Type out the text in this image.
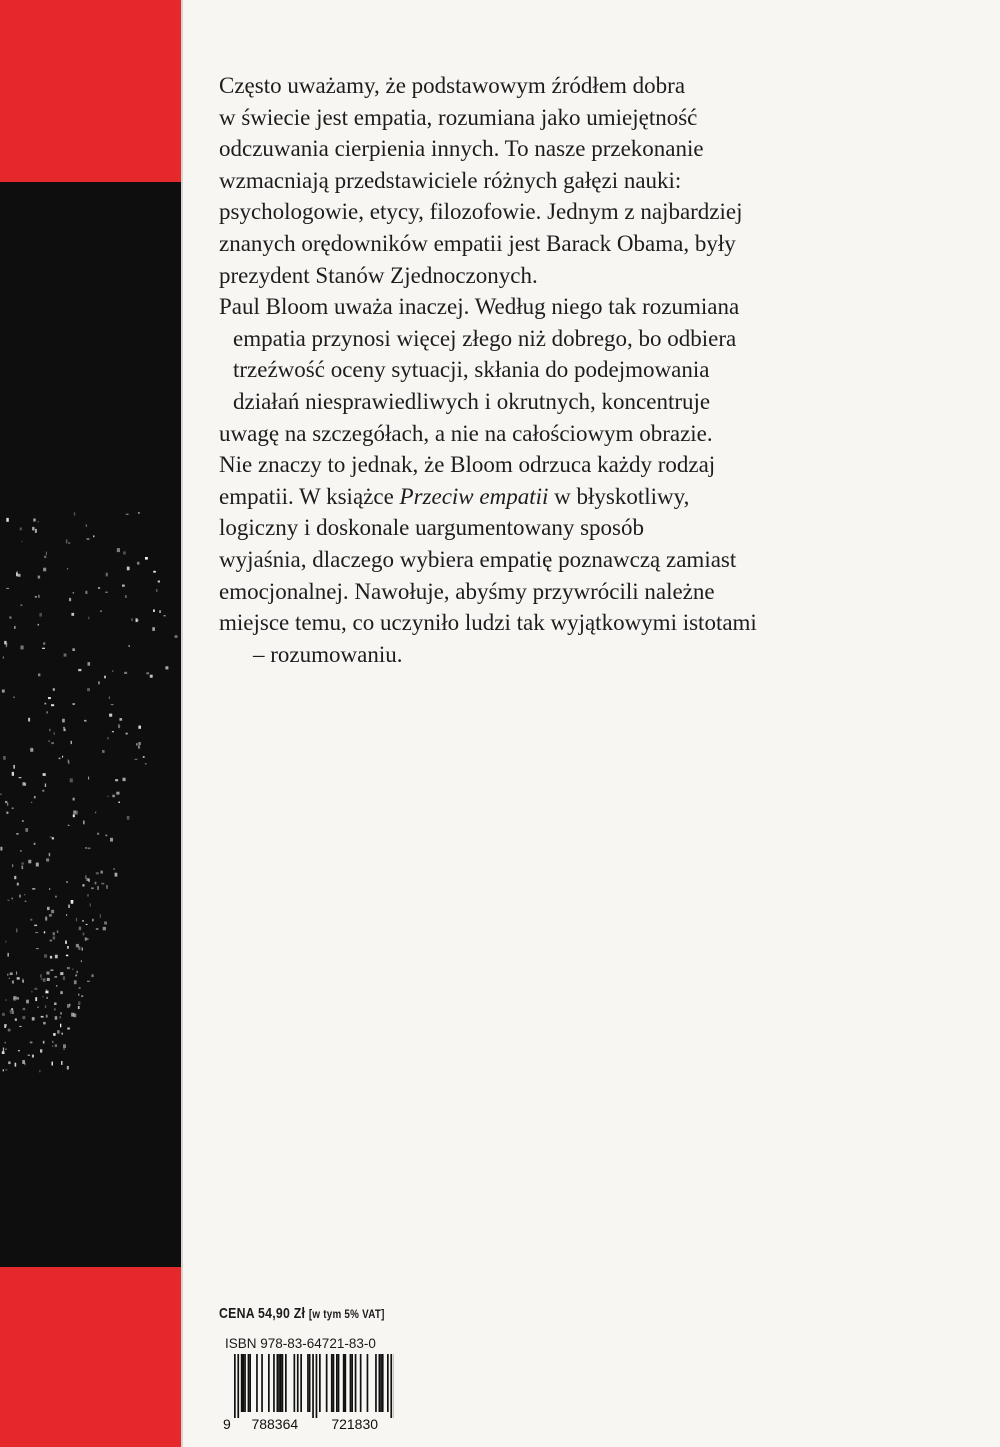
Często uważamy, że podstawowym źródłem dobra
w świecie jest empatia, rozumiana jako umiejętność
odczuwania cierpienia innych. To nasze przekonanie
wzmacniają przedstawiciele różnych gałęzi nauki:
psychologowie, etycy, filozofowie. Jednym z najbardziej
znanych orędowników empatii jest Barack Obama, były
prezydent Stanów Zjednoczonych.
Paul Bloom uważa inaczej. Według niego tak rozumiana
empatia przynosi więcej złego niż dobrego, bo odbiera
trzeźwość oceny sytuacji, skłania do podejmowania
działań niesprawiedliwych i okrutnych, koncentruje
uwagę na szczegółach, a nie na całościowym obrazie.
Nie znaczy to jednak, że Bloom odrzuca każdy rodzaj
empatii. W książce Przeciw empatii w błyskotliwy,
logiczny i doskonale uargumentowany sposób
wyjaśnia, dlaczego wybiera empatię poznawczą zamiast
emocjonalnej. Nawołuje, abyśmy przywrócili należne
miejsce temu, co uczyniło ludzi tak wyjątkowymi istotami
– rozumowaniu.

CENA 54,90 Zł [w tym 5% VAT]
ISBN 978-83-64721-83-0
9 788364 721830
